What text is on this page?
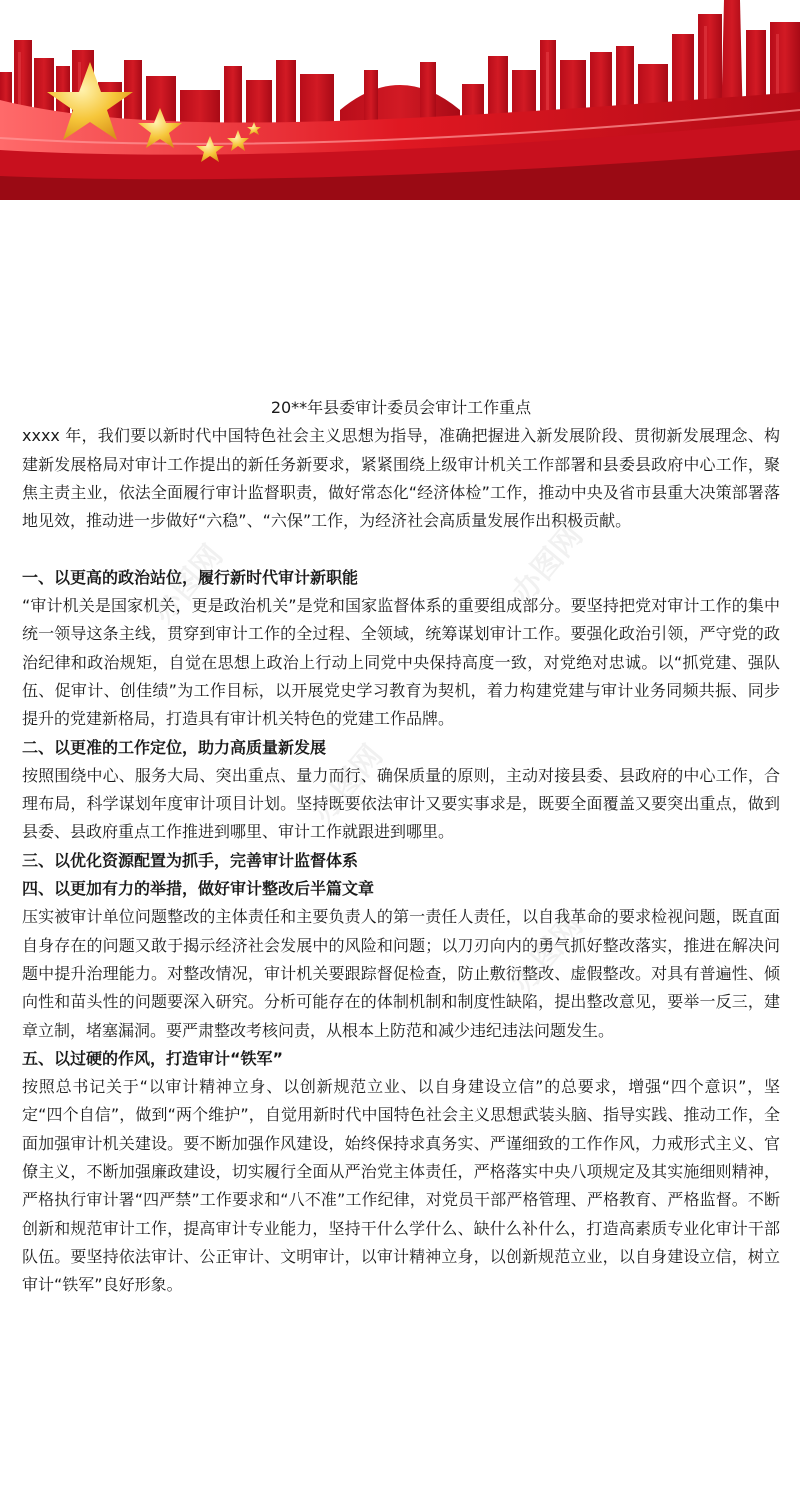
办图网	办图网
办图网
办图网

20**年县委审计委员会审计工作重点

xxxx 年，我们要以新时代中国特色社会主义思想为指导，准确把握进入新发展阶段、贯彻新发展理念、构建新发展格局对审计工作提出的新任务新要求，紧紧围绕上级审计机关工作部署和县委县政府中心工作，聚焦主责主业，依法全面履行审计监督职责，做好常态化“经济体检”工作，推动中央及省市县重大决策部署落地见效，推动进一步做好“六稳”、“六保”工作，为经济社会高质量发展作出积极贡献。

一、以更高的政治站位，履行新时代审计新职能

“审计机关是国家机关，更是政治机关”是党和国家监督体系的重要组成部分。要坚持把党对审计工作的集中统一领导这条主线，贯穿到审计工作的全过程、全领域，统筹谋划审计工作。要强化政治引领，严守党的政治纪律和政治规矩，自觉在思想上政治上行动上同党中央保持高度一致，对党绝对忠诚。以“抓党建、强队伍、促审计、创佳绩”为工作目标，以开展党史学习教育为契机，着力构建党建与审计业务同频共振、同步提升的党建新格局，打造具有审计机关特色的党建工作品牌。

二、以更准的工作定位，助力高质量新发展

按照围绕中心、服务大局、突出重点、量力而行、确保质量的原则，主动对接县委、县政府的中心工作，合理布局，科学谋划年度审计项目计划。坚持既要依法审计又要实事求是，既要全面覆盖又要突出重点，做到县委、县政府重点工作推进到哪里、审计工作就跟进到哪里。

三、以优化资源配置为抓手，完善审计监督体系

四、以更加有力的举措，做好审计整改后半篇文章

压实被审计单位问题整改的主体责任和主要负责人的第一责任人责任，以自我革命的要求检视问题，既直面自身存在的问题又敢于揭示经济社会发展中的风险和问题；以刀刃向内的勇气抓好整改落实，推进在解决问题中提升治理能力。对整改情况，审计机关要跟踪督促检查，防止敷衍整改、虚假整改。对具有普遍性、倾向性和苗头性的问题要深入研究。分析可能存在的体制机制和制度性缺陷，提出整改意见，要举一反三，建章立制，堵塞漏洞。要严肃整改考核问责，从根本上防范和减少违纪违法问题发生。

五、以过硬的作风，打造审计“铁军”

按照总书记关于“以审计精神立身、以创新规范立业、以自身建设立信”的总要求，增强“四个意识”，坚定“四个自信”，做到“两个维护”，自觉用新时代中国特色社会主义思想武装头脑、指导实践、推动工作，全面加强审计机关建设。要不断加强作风建设，始终保持求真务实、严谨细致的工作作风，力戒形式主义、官僚主义，不断加强廉政建设，切实履行全面从严治党主体责任，严格落实中央八项规定及其实施细则精神，严格执行审计署“四严禁”工作要求和“八不准”工作纪律，对党员干部严格管理、严格教育、严格监督。不断创新和规范审计工作，提高审计专业能力，坚持干什么学什么、缺什么补什么，打造高素质专业化审计干部队伍。要坚持依法审计、公正审计、文明审计，以审计精神立身，以创新规范立业，以自身建设立信，树立审计“铁军”良好形象。
